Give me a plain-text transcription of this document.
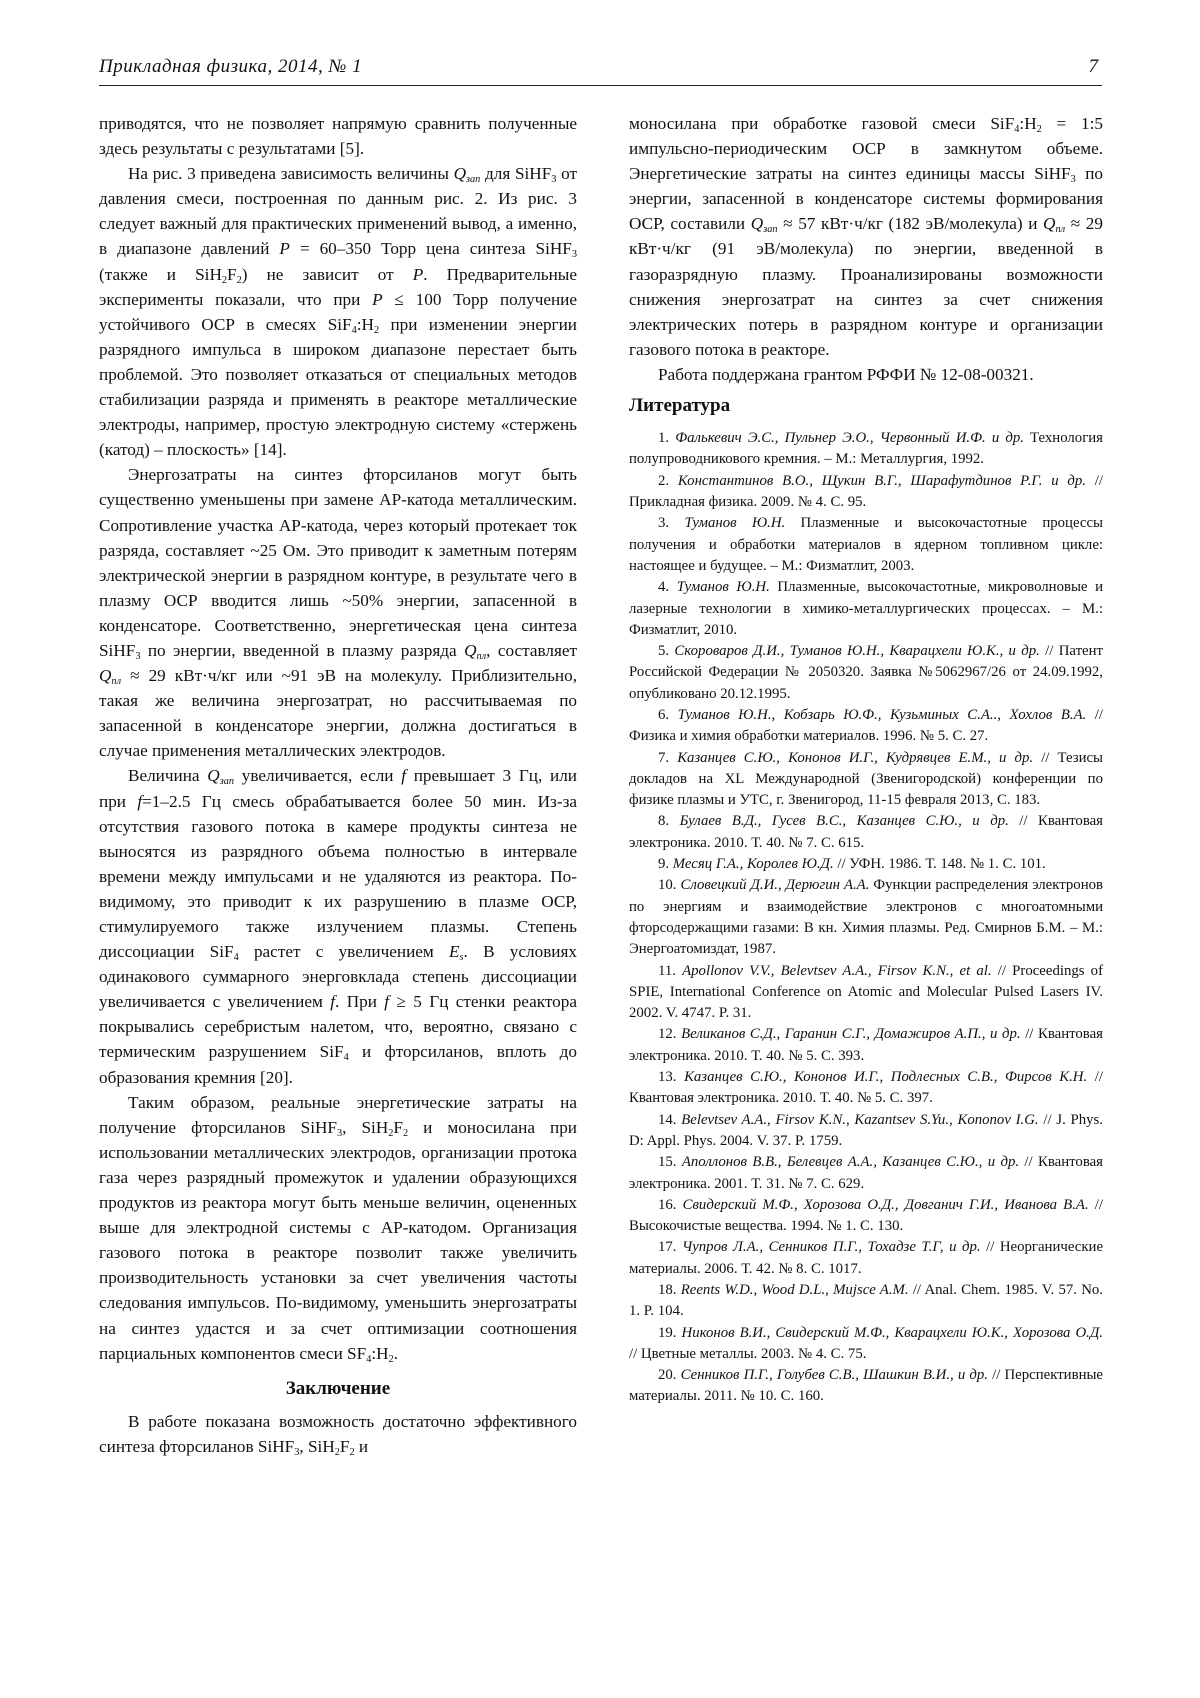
Прикладная физика, 2014, № 1	7

приводятся, что не позволяет напрямую сравнить полученные здесь результаты с результатами [5].

На рис. 3 приведена зависимость величины $Q_{зап}$ для SiHF$_3$ от давления смеси, построенная по данным рис. 2. Из рис. 3 следует важный для практических применений вывод, а именно, в диапазоне давлений P = 60–350 Торр цена синтеза SiHF$_3$ (также и $SiH_2F_2$) не зависит от P. Предварительные эксперименты показали, что при P ≤ 100 Торр получение устойчивого ОСР в смесях $SiF_4:H_2$ при изменении энергии разрядного импульса в широком диапазоне перестает быть проблемой. Это позволяет отказаться от специальных методов стабилизации разряда и применять в реакторе металлические электроды, например, простую электродную систему «стержень (катод) – плоскость» [14].

Энергозатраты на синтез фторсиланов могут быть существенно уменьшены при замене АР-катода металлическим. Сопротивление участка АР-катода, через который протекает ток разряда, составляет ~25 Ом. Это приводит к заметным потерям электрической энергии в разрядном контуре, в результате чего в плазму ОСР вводится лишь ~50% энергии, запасенной в конденсаторе. Соответственно, энергетическая цена синтеза SiHF$_3$ по энергии, введенной в плазму разряда $Q_{пл}$, составляет $Q_{пл} \approx 29$ кВт·ч/кг или ~91 эВ на молекулу. Приблизительно, такая же величина энергозатрат, но рассчитываемая по запасенной в конденсаторе энергии, должна достигаться в случае применения металлических электродов.

Величина $Q_{зап}$ увеличивается, если f превышает 3 Гц, или при f=1–2.5 Гц смесь обрабатывается более 50 мин. Из-за отсутствия газового потока в камере продукты синтеза не выносятся из разрядного объема полностью в интервале времени между импульсами и не удаляются из реактора. По-видимому, это приводит к их разрушению в плазме ОСР, стимулируемого также излучением плазмы. Степень диссоциации SiF$_4$ растет с увеличением $E_s$. В условиях одинакового суммарного энерговклада степень диссоциации увеличивается с увеличением f. При f ≥ 5 Гц стенки реактора покрывались серебристым налетом, что, вероятно, связано с термическим разрушением SiF$_4$ и фторсиланов, вплоть до образования кремния [20].

Таким образом, реальные энергетические затраты на получение фторсиланов SiHF$_3$, $SiH_2F_2$ и моносилана при использовании металлических электродов, организации протока газа через разрядный промежуток и удалении образующихся продуктов из реактора могут быть меньше величин, оцененных выше для электродной системы с АР-катодом. Организация газового потока в реакторе позволит также увеличить производительность установки за счет увеличения частоты следования импульсов. По-видимому, уменьшить энергозатраты на синтез удастся и за счет оптимизации соотношения парциальных компонентов смеси $SF_4:H_2$.

Заключение

В работе показана возможность достаточно эффективного синтеза фторсиланов SiHF$_3$, $SiH_2F_2$ и

моносилана при обработке газовой смеси $SiF_4:H_2$ = 1:5 импульсно-периодическим ОСР в замкнутом объеме. Энергетические затраты на синтез единицы массы SiHF$_3$ по энергии, запасенной в конденсаторе системы формирования ОСР, составили $Q_{зап} \approx 57$ кВт·ч/кг (182 эВ/молекула) и $Q_{пл} \approx 29$ кВт·ч/кг (91 эВ/молекула) по энергии, введенной в газоразрядную плазму. Проанализированы возможности снижения энергозатрат на синтез за счет снижения электрических потерь в разрядном контуре и организации газового потока в реакторе.

Работа поддержана грантом РФФИ № 12-08-00321.

Литература

1. Фалькевич Э.С., Пульнер Э.О., Червонный И.Ф. и др. Технология полупроводникового кремния. – М.: Металлургия, 1992.

2. Константинов В.О., Щукин В.Г., Шарафутдинов Р.Г. и др. // Прикладная физика. 2009. № 4. С. 95.

3. Туманов Ю.Н. Плазменные и высокочастотные процессы получения и обработки материалов в ядерном топливном цикле: настоящее и будущее. – М.: Физматлит, 2003.

4. Туманов Ю.Н. Плазменные, высокочастотные, микроволновые и лазерные технологии в химико-металлургических процессах. – М.: Физматлит, 2010.

5. Скороваров Д.И., Туманов Ю.Н., Кварацхели Ю.К., и др. // Патент Российской Федерации № 2050320. Заявка №5062967/26 от 24.09.1992, опубликовано 20.12.1995.

6. Туманов Ю.Н., Кобзарь Ю.Ф., Кузьминых С.А.., Хохлов В.А. // Физика и химия обработки материалов. 1996. № 5. С. 27.

7. Казанцев С.Ю., Кононов И.Г., Кудрявцев Е.М., и др. // Тезисы докладов на XL Международной (Звенигородской) конференции по физике плазмы и УТС, г. Звенигород, 11-15 февраля 2013, С. 183.

8. Булаев В.Д., Гусев В.С., Казанцев С.Ю., и др. // Квантовая электроника. 2010. Т. 40. № 7. С. 615.

9. Месяц Г.А., Королев Ю.Д. // УФН. 1986. Т. 148. № 1. С. 101.

10. Словецкий Д.И., Дерюгин А.А. Функции распределения электронов по энергиям и взаимодействие электронов с многоатомными фторсодержащими газами: В кн. Химия плазмы. Ред. Смирнов Б.М. – М.: Энергоатомиздат, 1987.

11. Apollonov V.V., Belevtsev A.A., Firsov K.N., et al. // Proceedings of SPIE, International Conference on Atomic and Molecular Pulsed Lasers IV. 2002. V. 4747. P. 31.

12. Великанов С.Д., Гаранин С.Г., Домажиров А.П., и др. // Квантовая электроника. 2010. Т. 40. № 5. С. 393.

13. Казанцев С.Ю., Кононов И.Г., Подлесных С.В., Фирсов К.Н. // Квантовая электроника. 2010. Т. 40. № 5. С. 397.

14. Belevtsev A.A., Firsov K.N., Kazantsev S.Yu., Kononov I.G. // J. Phys. D: Appl. Phys. 2004. V. 37. P. 1759.

15. Аполлонов В.В., Белевцев А.А., Казанцев С.Ю., и др. // Квантовая электроника. 2001. Т. 31. № 7. С. 629.

16. Свидерский М.Ф., Хорозова О.Д., Довганич Г.И., Иванова В.А. // Высокочистые вещества. 1994. № 1. С. 130.

17. Чупров Л.А., Сенников П.Г., Тохадзе Т.Г, и др. // Неорганические материалы. 2006. Т. 42. № 8. С. 1017.

18. Reents W.D., Wood D.L., Mujsce A.M. // Anal. Chem. 1985. V. 57. No. 1. P. 104.

19. Никонов В.И., Свидерский М.Ф., Кварацхели Ю.К., Хорозова О.Д. // Цветные металлы. 2003. № 4. С. 75.

20. Сенников П.Г., Голубев С.В., Шашкин В.И., и др. // Перспективные материалы. 2011. № 10. С. 160.
